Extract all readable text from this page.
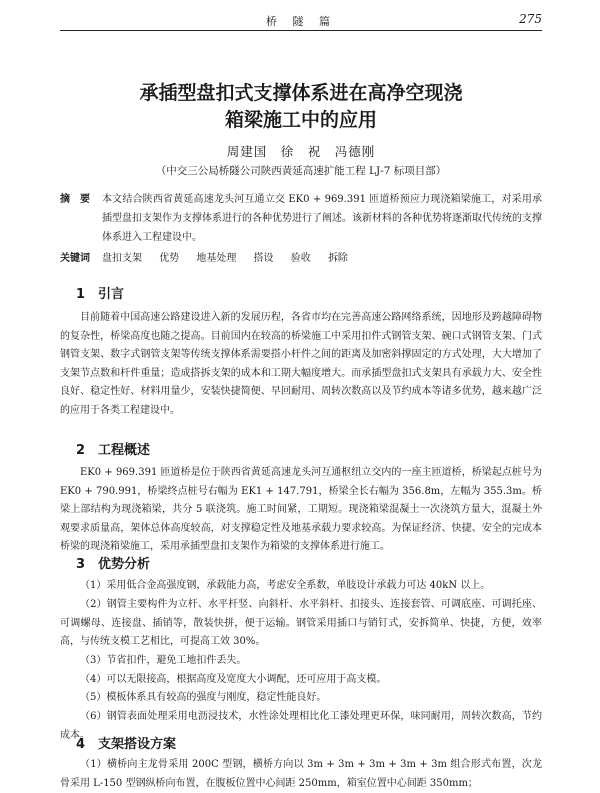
桥 隧 篇	275
承插型盘扣式支撑体系进在高净空现浇
箱梁施工中的应用
周建国　徐　祝　冯德刚
（中交三公局桥隧公司陕西黄延高速扩能工程 LJ-7 标项目部）
摘　要	本文结合陕西省黄延高速龙头河互通立交 EK0 + 969.391 匝道桥预应力现浇箱梁施工，对采用承插型盘扣支架作为支撑体系进行的各种优势进行了阐述。该新材料的各种优势将逐渐取代传统的支撑体系进入工程建设中。
关键词	盘扣支架 优势 地基处理 搭设 验收 拆除
1 引言
目前随着中国高速公路建设进入新的发展历程，各省市均在完善高速公路网络系统，因地形及跨越障碍物的复杂性，桥梁高度也随之提高。目前国内在较高的桥梁施工中采用扣件式钢管支架、碗口式钢管支架、门式钢管支架、数字式钢管支架等传统支撑体系需要搭小杆件之间的距离及加密斜撑固定的方式处理，大大增加了支架节点数和杆件重量；造成搭拆支架的成本和工期大幅度增大。而承插型盘扣式支架具有承载力大、安全性良好、稳定性好、材料用量少，安装快捷简便、早回耐用、周转次数高以及节约成本等诸多优势，越来越广泛的应用于各类工程建设中。
2 工程概述
EK0 + 969.391 匝道桥是位于陕西省黄延高速龙头河互通枢纽立交内的一座主匝道桥，桥梁起点桩号为 EK0 + 790.991，桥梁终点桩号右幅为 EK1 + 147.791，桥梁全长右幅为 356.8m，左幅为 355.3m。桥梁上部结构为现浇箱梁，共分 5 联浇筑。施工时间紧，工期短。现浇箱梁混凝土一次浇筑方量大，混凝土外观要求质量高，架体总体高度较高，对支撑稳定性及地基承载力要求较高。为保证经济、快捷、安全的完成本桥梁的现浇箱梁施工，采用承插型盘扣支架作为箱梁的支撑体系进行施工。
3 优势分析
（1）采用低合金高强度钢，承载能力高，考虑安全系数，单肢设计承载力可达 40kN 以上。
（2）钢管主要构件为立杆、水平杆竖、向斜杆、水平斜杆、扣接头、连接套管、可调底座、可调托座、可调螺母、连接盘、插销等，散装快拼，便于运输。钢管采用插口与销钉式，安拆简单、快捷，方便，效率高，与传统支模工艺相比，可提高工效 30%。
（3）节省扣件，避免工地扣件丢失。
（4）可以无限接高，根据高度及宽度大小调配，还可应用于高支模。
（5）模板体系具有较高的强度与刚度，稳定性能良好。
（6）钢管表面处理采用电沥浸技术，水性涂处理相比化工漆处理更环保，味同耐用，周转次数高，节约成本。
4 支架搭设方案
（1）横桥向主龙骨采用 200C 型钢，横桥方向以 3m + 3m + 3m + 3m + 3m 组合形式布置，次龙骨采用 L-150 型钢纵桥向布置，在腹板位置中心间距 250mm，箱室位置中心间距 350mm；
